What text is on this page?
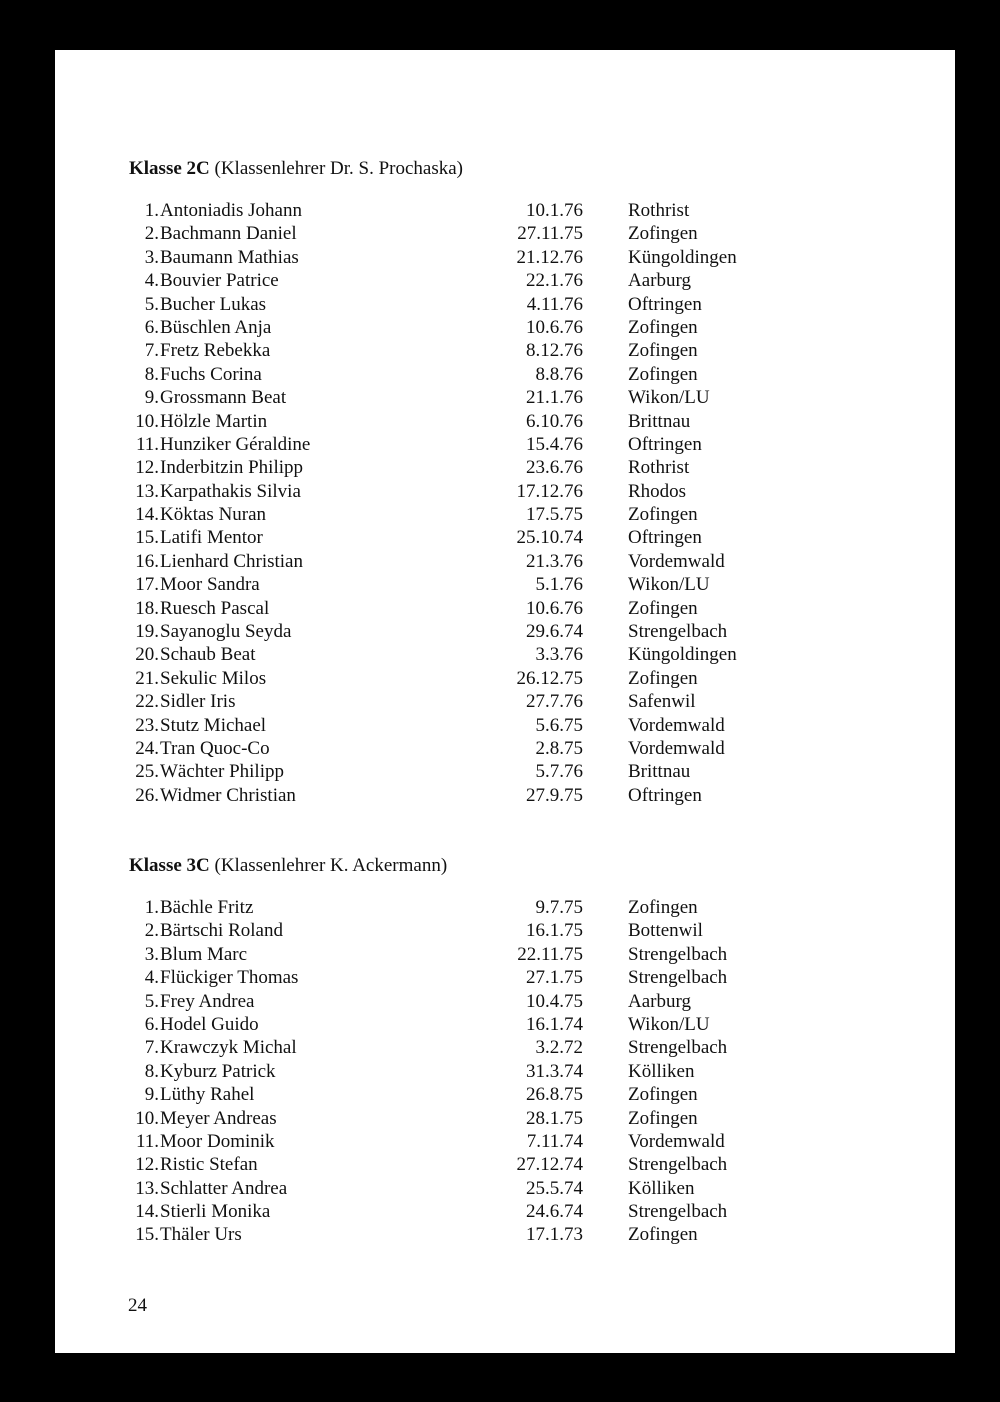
Klasse 2C (Klassenlehrer Dr. S. Prochaska)
1. Antoniadis Johann	10.1.76 Rothrist
2. Bachmann Daniel	27.11.75 Zofingen
3. Baumann Mathias	21.12.76 Küngoldingen
4. Bouvier Patrice	22.1.76 Aarburg
5. Bucher Lukas	4.11.76 Oftringen
6. Büschlen Anja	10.6.76 Zofingen
7. Fretz Rebekka	8.12.76 Zofingen
8. Fuchs Corina	8.8.76 Zofingen
9. Grossmann Beat	21.1.76 Wikon/LU
10. Hölzle Martin	6.10.76 Brittnau
11. Hunziker Géraldine	15.4.76 Oftringen
12. Inderbitzin Philipp	23.6.76 Rothrist
13. Karpathakis Silvia	17.12.76 Rhodos
14. Köktas Nuran	17.5.75 Zofingen
15. Latifi Mentor	25.10.74 Oftringen
16. Lienhard Christian	21.3.76 Vordemwald
17. Moor Sandra	5.1.76 Wikon/LU
18. Ruesch Pascal	10.6.76 Zofingen
19. Sayanoglu Seyda	29.6.74 Strengelbach
20. Schaub Beat	3.3.76 Küngoldingen
21. Sekulic Milos	26.12.75 Zofingen
22. Sidler Iris	27.7.76 Safenwil
23. Stutz Michael	5.6.75 Vordemwald
24. Tran Quoc-Co	2.8.75 Vordemwald
25. Wächter Philipp	5.7.76 Brittnau
26. Widmer Christian	27.9.75 Oftringen
Klasse 3C (Klassenlehrer K. Ackermann)
1. Bächle Fritz	9.7.75 Zofingen
2. Bärtschi Roland	16.1.75 Bottenwil
3. Blum Marc	22.11.75 Strengelbach
4. Flückiger Thomas	27.1.75 Strengelbach
5. Frey Andrea	10.4.75 Aarburg
6. Hodel Guido	16.1.74 Wikon/LU
7. Krawczyk Michal	3.2.72 Strengelbach
8. Kyburz Patrick	31.3.74 Kölliken
9. Lüthy Rahel	26.8.75 Zofingen
10. Meyer Andreas	28.1.75 Zofingen
11. Moor Dominik	7.11.74 Vordemwald
12. Ristic Stefan	27.12.74 Strengelbach
13. Schlatter Andrea	25.5.74 Kölliken
14. Stierli Monika	24.6.74 Strengelbach
15. Thäler Urs	17.1.73 Zofingen
24
